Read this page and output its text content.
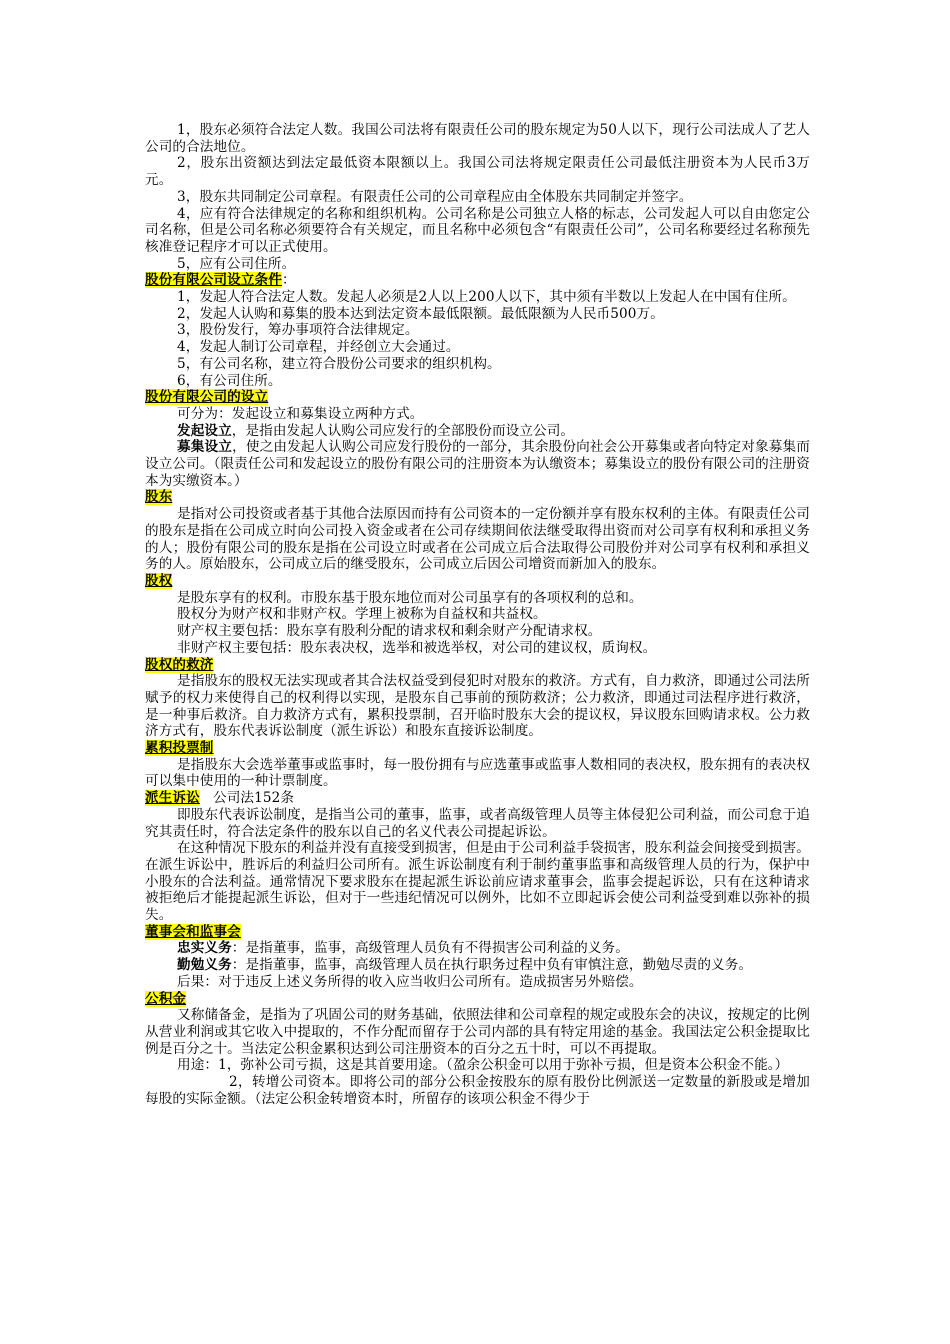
1，股东必须符合法定人数。我国公司法将有限责任公司的股东规定为50人以下，现行公司法成人了艺人公司的合法地位。

2，股东出资额达到法定最低资本限额以上。我国公司法将规定限责任公司最低注册资本为人民币3万元。

3，股东共同制定公司章程。有限责任公司的公司章程应由全体股东共同制定并签字。

4，应有符合法律规定的名称和组织机构。公司名称是公司独立人格的标志，公司发起人可以自由您定公司名称，但是公司名称必须要符合有关规定，而且名称中必须包含“有限责任公司”，公司名称要经过名称预先核准登记程序才可以正式使用。

5，应有公司住所。

股份有限公司设立条件：

1，发起人符合法定人数。发起人必须是2人以上200人以下，其中须有半数以上发起人在中国有住所。

2，发起人认购和募集的股本达到法定资本最低限额。最低限额为人民币500万。

3，股份发行，筹办事项符合法律规定。

4，发起人制订公司章程，并经创立大会通过。

5，有公司名称，建立符合股份公司要求的组织机构。

6，有公司住所。

股份有限公司的设立

可分为：发起设立和募集设立两种方式。

发起设立，是指由发起人认购公司应发行的全部股份而设立公司。

募集设立，使之由发起人认购公司应发行股份的一部分，其余股份向社会公开募集或者向特定对象募集而设立公司。（限责任公司和发起设立的股份有限公司的注册资本为认缴资本；募集设立的股份有限公司的注册资本为实缴资本。）

股东

是指对公司投资或者基于其他合法原因而持有公司资本的一定份额并享有股东权利的主体。有限责任公司的股东是指在公司成立时向公司投入资金或者在公司存续期间依法继受取得出资而对公司享有权利和承担义务的人；股份有限公司的股东是指在公司设立时或者在公司成立后合法取得公司股份并对公司享有权利和承担义务的人。原始股东，公司成立后的继受股东，公司成立后因公司增资而新加入的股东。

股权

是股东享有的权利。市股东基于股东地位而对公司虽享有的各项权利的总和。

股权分为财产权和非财产权。学理上被称为自益权和共益权。

财产权主要包括：股东享有股利分配的请求权和剩余财产分配请求权。

非财产权主要包括：股东表决权，选举和被选举权，对公司的建议权，质询权。

股权的救济

是指股东的股权无法实现或者其合法权益受到侵犯时对股东的救济。方式有，自力救济，即通过公司法所赋予的权力来使得自己的权利得以实现，是股东自己事前的预防救济；公力救济，即通过司法程序进行救济，是一种事后救济。自力救济方式有，累积投票制，召开临时股东大会的提议权，异议股东回购请求权。公力救济方式有，股东代表诉讼制度（派生诉讼）和股东直接诉讼制度。

累积投票制

是指股东大会选举董事或监事时，每一股份拥有与应选董事或监事人数相同的表决权，股东拥有的表决权可以集中使用的一种计票制度。

派生诉讼 公司法152条

即股东代表诉讼制度，是指当公司的董事，监事，或者高级管理人员等主体侵犯公司利益，而公司怠于追究其责任时，符合法定条件的股东以自己的名义代表公司提起诉讼。

在这种情况下股东的利益并没有直接受到损害，但是由于公司利益手袋损害，股东利益会间接受到损害。在派生诉讼中，胜诉后的利益归公司所有。派生诉讼制度有利于制约董事监事和高级管理人员的行为，保护中小股东的合法利益。通常情况下要求股东在提起派生诉讼前应请求董事会，监事会提起诉讼，只有在这种请求被拒绝后才能提起派生诉讼，但对于一些违纪情况可以例外，比如不立即起诉会使公司利益受到难以弥补的损失。

董事会和监事会

忠实义务：是指董事，监事，高级管理人员负有不得损害公司利益的义务。

勤勉义务：是指董事，监事，高级管理人员在执行职务过程中负有审慎注意，勤勉尽责的义务。

后果：对于违反上述义务所得的收入应当收归公司所有。造成损害另外赔偿。

公积金

又称储备金，是指为了巩固公司的财务基础，依照法律和公司章程的规定或股东会的决议，按规定的比例从营业利润或其它收入中提取的，不作分配而留存于公司内部的具有特定用途的基金。我国法定公积金提取比例是百分之十。当法定公积金累积达到公司注册资本的百分之五十时，可以不再提取。

用途：1，弥补公司亏损，这是其首要用途。（盈余公积金可以用于弥补亏损，但是资本公积金不能。）

2，转增公司资本。即将公司的部分公积金按股东的原有股份比例派送一定数量的新股或是增加每股的实际金额。（法定公积金转增资本时，所留存的该项公积金不得少于
